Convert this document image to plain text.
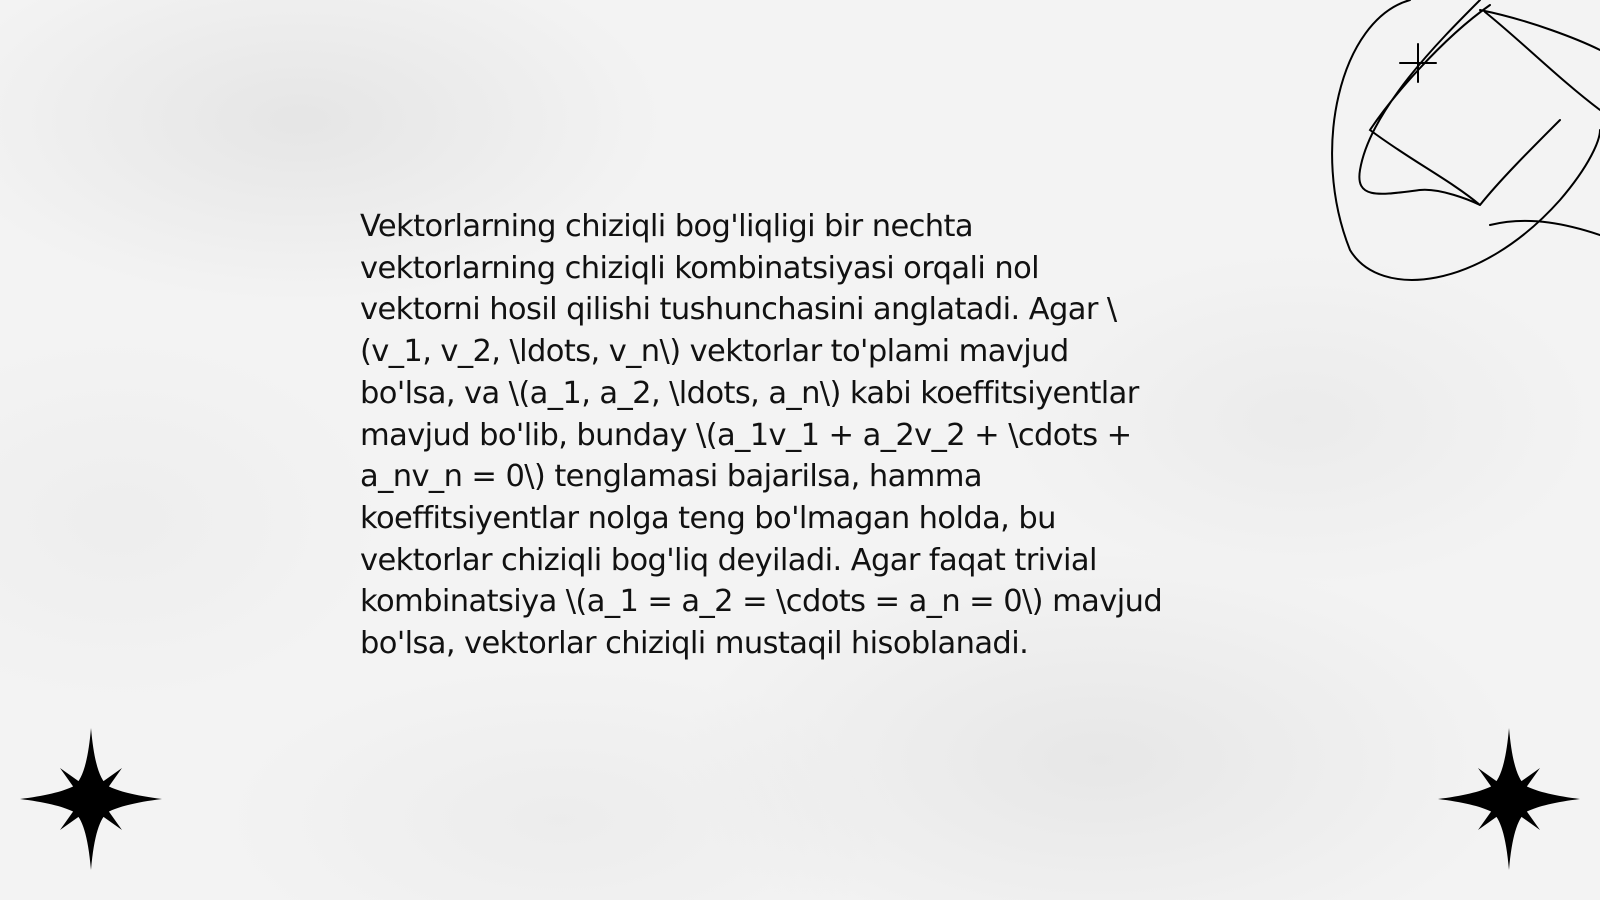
Vektorlarning chiziqli bog'liqligi bir nechta
vektorlarning chiziqli kombinatsiyasi orqali nol
vektorni hosil qilishi tushunchasini anglatadi. Agar \
(v_1, v_2, \ldots, v_n\) vektorlar to'plami mavjud
bo'lsa, va \(a_1, a_2, \ldots, a_n\) kabi koeffitsiyentlar
mavjud bo'lib, bunday \(a_1v_1 + a_2v_2 + \cdots +
a_nv_n = 0\) tenglamasi bajarilsa, hamma
koeffitsiyentlar nolga teng bo'lmagan holda, bu
vektorlar chiziqli bog'liq deyiladi. Agar faqat trivial
kombinatsiya \(a_1 = a_2 = \cdots = a_n = 0\) mavjud
bo'lsa, vektorlar chiziqli mustaqil hisoblanadi.
